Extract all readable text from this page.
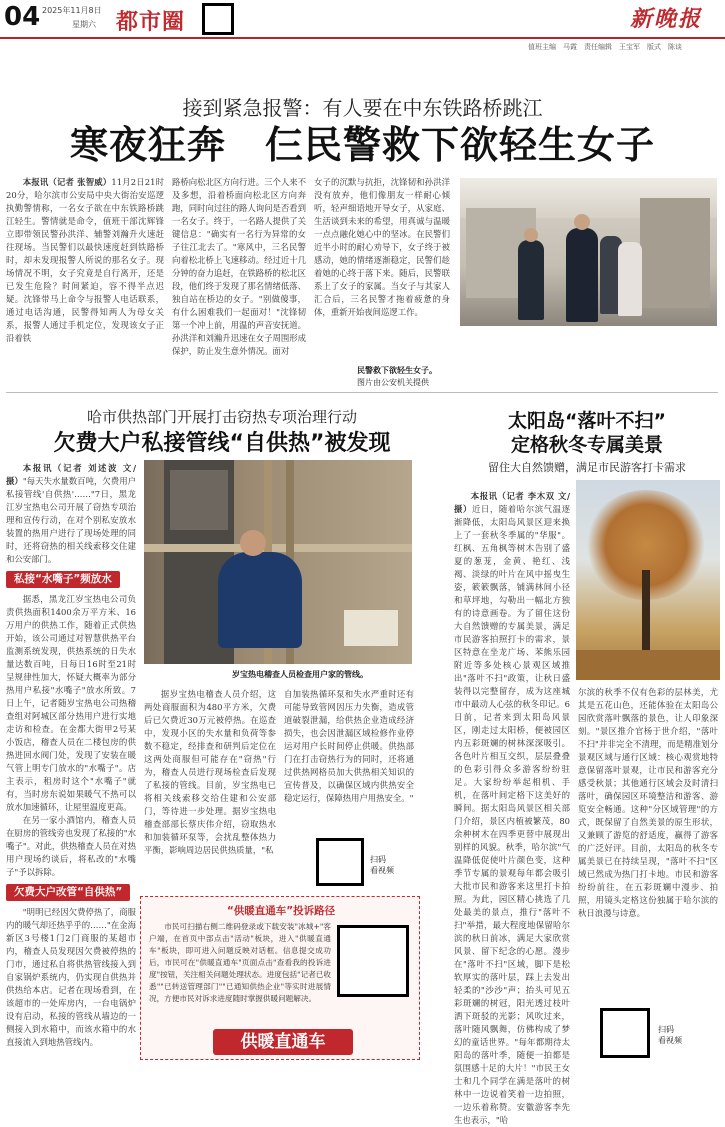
04 2025年11月8日
星期六 都市圈	新晚报
值班主编　马霞　责任编辑　王宝军　版式　陈谈
接到紧急报警：有人要在中东铁路桥跳江
寒夜狂奔　仨民警救下欲轻生女子

本报讯（记者 张智威）11月2日21时20分，哈尔滨市公安局中央大街治安巡逻执勤警情称，一名女子欲在中东铁路桥跳江轻生。警情就是命令，值班干部沈辉锋立即带领民警孙洪洋、辅警刘瀚升火速赶往现场。当民警们以最快速度赶到铁路桥时，却未发现报警人所说的那名女子。现场情况不明，女子究竟是自行离开，还是已发生危险？时间紧迫，容不得半点迟疑。沈锋带马上命令与报警人电话联系，通过电话沟通，民警得知两人为母女关系，报警人通过手机定位，发现该女子正沿着铁

路桥向松北区方向行进。三个人来不及多想，沿着桥面向松北区方向奔跑，同时向过往的路人询问是否看到一名女子。终于，一名路人提供了关键信息："确实有一名行为异常的女子往江北去了。"寒风中，三名民警向着松北桥上飞速移动。经过近十几分钟的奋力追赶，在铁路桥的松北区段，他们终于发现了那名情绪低落、独自站在桥边的女子。"别做傻事，有什么困难我们一起面对！"沈锋韧第一个冲上前，用温的声音安抚道。孙洪洋和刘瀚升迅速在女子周围形成保护，防止发生意外情况。面对

女子的沉默与抗拒，沈锋韧和孙洪洋没有放弃，他们像朋友一样耐心倾听，轻声细语地开导女子，从家庭、生活谈到未来的希望，用真诚与温暖一点点融化她心中的坚冰。在民警们近半小时的耐心劝导下，女子终于被感动，她的情绪逐渐稳定，民警们趁着她的心终于落下来。随后，民警联系上了女子的家属。当女子与其家人汇合后，三名民警才拖着疲惫的身体，重新开始夜间巡逻工作。

民警救下欲轻生女子。
图片由公安机关提供
哈市供热部门开展打击窃热专项治理行动
欠费大户私接管线“自供热”被发现

本报讯（记者 刘述波 文/摄）"每天失水量数百吨，欠费用户私接管线'自供热'……"7日，黑龙江岁宝热电公司开展了窃热专项治理和宣传行动，在对个别私安放水装置的热用户进行了现场处理的同时，还将窃热的相关线索移交住建和公安部门。

私接“水嘴子”频放水

据悉，黑龙江岁宝热电公司负责供热面积1400余万平方米、16万用户的供热工作，随着正式供热开始，该公司通过对智慧供热平台监测系统发现，供热系统的日失水量达数百吨，日每日16时至21时呈规律性加大，怀疑大概率为部分热用户私接"水嘴子"放水所致。7日上午，记者随岁宝热电公司热稽查组对阿城区部分热用户进行实地走访和检查。在金都大街甲2号某小饭店，稽查人员在二楼包房的供热进回水阀门处，发现了安装在暖气管上明专门放水的"水嘴子"。店主表示，租房时这个"水嘴子"就有，当时房东说如果暖气不热可以放水加速循环，让屋里温度更高。

在另一家小酒馆内，稽查人员在厨房的管线旁也发现了私接的"水嘴子"。对此，供热稽查人员在对热用户现场约谈后，将私改的"水嘴子"予以拆除。

欠费大户改管“自供热”

"明明已经因欠费停热了，商服内的暖气却还热乎乎的……"在金海新区3号楼1门2门商服的某超市内，稽查人员发现因欠费被停热的门市，通过私自将供热管线接入到自家锅炉系统内，仍实现自供热并供热给本店。记者在现场看到，在该超市的一处库房内，一台电锅炉设有启动，私接的管线从墙边的一侧接入到水箱中，而该水箱中的水直接流入到地热管线内。

岁宝热电稽查人员检查用户家的管线。

据岁宝热电稽查人员介绍，这两处商服面积为480平方米，欠费后已欠费近30万元被停热。在巡查中，发现小区的失水量和负荷等参数不稳定，经排查和研判后定位在这两处商服但可能存在"窃热"行为，稽查人员进行现场检查后发现了私接的管线。目前，岁宝热电已将相关线索移交给住建和公安部门，等待进一步处理。据岁宝热电稽查部部长蔡庆伟介绍，窃取热水和加装循环泵等，会扰乱整体热力平衡，影响周边居民供热质量，"私

自加装热循环泵和失水严重时还有可能导致管网因压力失衡，造成管道破裂泄漏，给供热企业造成经济损失，也会因泄漏区域检修作业停运对用户长时间停止供暖。供热部门在打击窃热行为的同时，还将通过供热网格员加大供热相关知识的宣传普及，以确保区域内供热安全稳定运行，保障热用户用热安全。"

扫码
看视频
“供暖直通车”投诉路径

市民可扫描右侧二维码登录或下载安装"冰城+"客户端，在首页中部点击"活动"板块，进入"供暖直通车"板块，即可进入问题反映对话框。信息提交成功后，市民可在"供暖直通车"页面点击"查看我的投诉进度"按钮，关注相关问题处理状态。进度包括"记者已收悉""已转送管理部门""已通知供热企业"等实时进展情况，方便市民对诉求进度随时掌握供暖问题解决。

供暖直通车
太阳岛“落叶不扫”
定格秋冬专属美景
留住大自然馈赠，满足市民游客打卡需求

本报讯（记者 李木双 文/摄）近日，随着哈尔滨气温逐渐降低，太阳岛风景区迎来换上了一套秋冬季属的"华服"。红枫、五角枫等树木告别了盛夏的葱茏，金黄、艳红、浅褐、淡绿的叶片在风中摇曳生姿，簌簌飘落，铺满林间小径和草坪地，勾勒出一幅北方独有的诗意画卷。为了留住这份大自然馈赠的专属美景，满足市民游客拍照打卡的需求，景区特意在坐龙广场、苯熊乐园附近等多处核心景观区域推出"落叶不扫"政策，让秋日盛装得以完整留存，成为这座城市中最动人心弦的秋冬印记。6日前，记者来到太阳岛风景区，刚走过太阳桥，便被园区内五彩斑斓的树林深深吸引。各色叶片相互交织，层层叠叠的色彩引得众多游客纷纷驻足。大家纷纷举起相机、手机，在落叶间定格下这美好的瞬间。据太阳岛风景区相关部门介绍，景区内植被繁茂，80余种树木在四季更替中展现出别样的风貌。秋季，哈尔滨"气温降低促使叶片颜色变，这种季节专属的景观每年都会吸引大批市民和游客来这里打卡拍照。为此，园区精心挑选了几处最美的景点，推行"落叶不扫"举措，最大程度地保留哈尔滨的秋日前冰，满足大家欣赏风景、留下纪念的心愿。漫步在"落叶不扫"区域，脚下是松软厚实的落叶层，踩上去发出轻柔的"沙沙"声；抬头可见五彩斑斓的树冠，阳光透过枝叶洒下斑驳的光影；风吹过来，落叶随风飘舞，仿佛构成了梦幻的童话世界。"每年都期待太阳岛的落叶季，随便一拍都是氛围感十足的大片！"市民王女士和几个同学在满是落叶的树林中一边说着笑着一边拍照，一边乐着称赞。安徽游客李先生也表示，"哈

尔滨的秋季不仅有色彩的层林美，尤其是五花山色，还能体验在太阳岛公园欣赏落叶飘落的景色，让人印象深刻。"景区推介官杨于世介绍，"落叶不扫"并非完全不清理，而是精准划分景观区域与通行区域：核心观赏地特意保留落叶景观，让市民和游客充分感受秋景；其他通行区域会及时清扫落叶，确保园区环境整洁和游客、游览安全畅通。这种"分区域管理"的方式，既保留了自然美景的原生形状，又兼顾了游览的舒适度，赢得了游客的广泛好评。目前，太阳岛的秋冬专属美景已在持续呈现，"落叶不扫"区域已然成为热门打卡地。市民和游客纷纷前往，在五彩斑斓中漫步、拍照，用镜头定格这份独属于哈尔滨的秋日浪漫与诗意。

扫码
看视频
